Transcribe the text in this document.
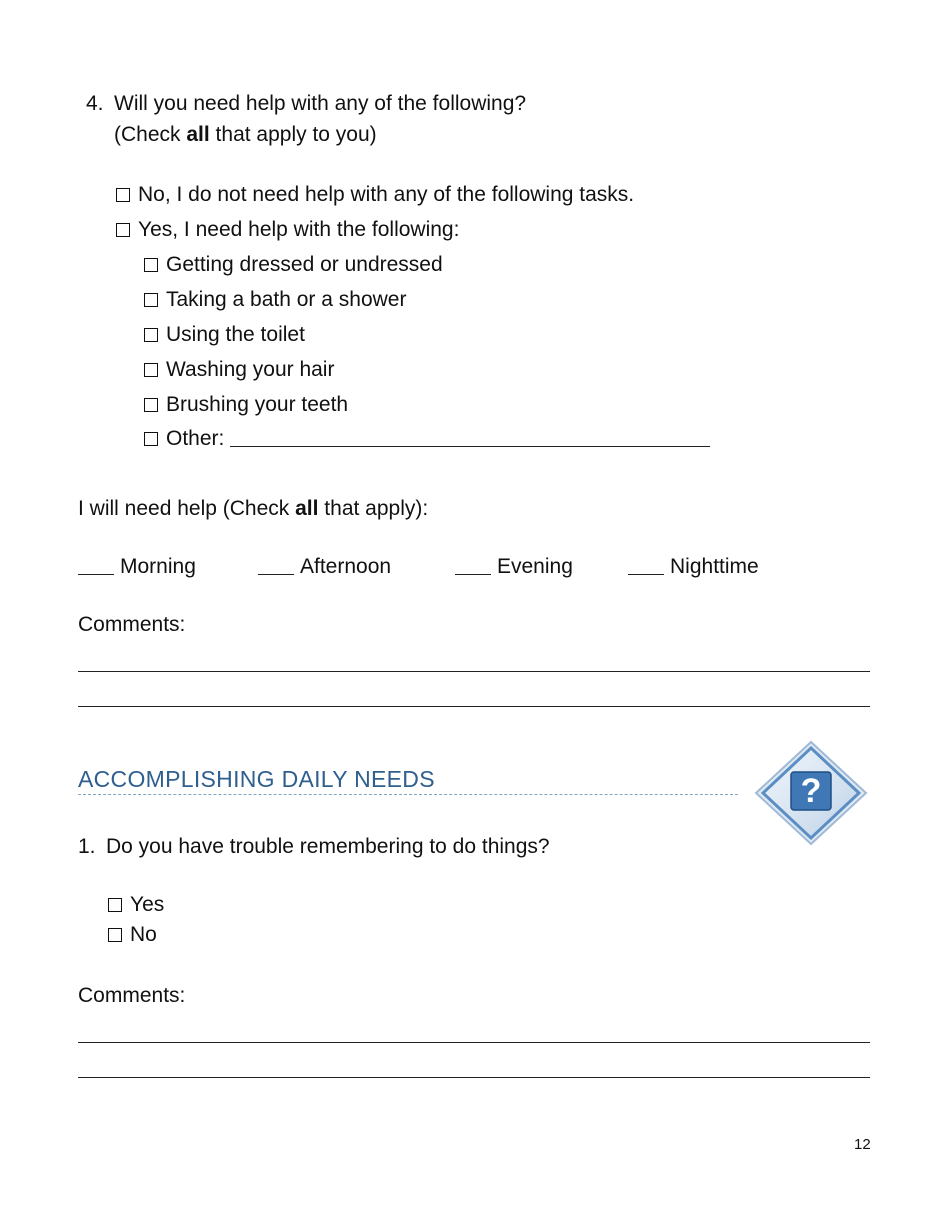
4. Will you need help with any of the following?
(Check all that apply to you)
No, I do not need help with any of the following tasks.
Yes, I need help with the following:
Getting dressed or undressed
Taking a bath or a shower
Using the toilet
Washing your hair
Brushing your teeth
Other:
I will need help (Check all that apply):
Morning	Afternoon	Evening	Nighttime
Comments:
ACCOMPLISHING DAILY NEEDS	?
1. Do you have trouble remembering to do things?
Yes
No
Comments:
12
